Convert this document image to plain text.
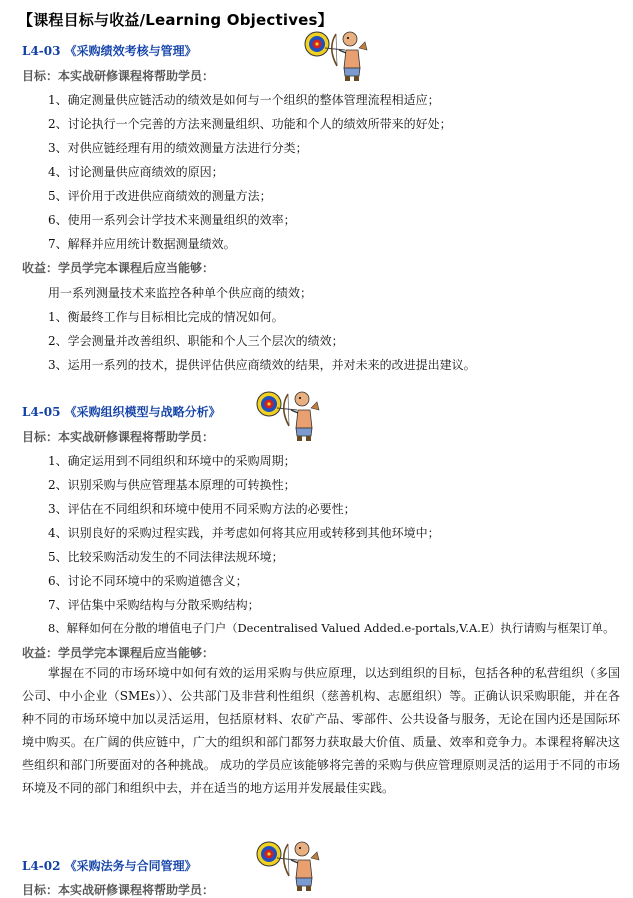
【课程目标与收益/Learning Objectives】
L4-03 《采购绩效考核与管理》
目标：本实战研修课程将帮助学员：
1、确定测量供应链活动的绩效是如何与一个组织的整体管理流程相适应；
2、讨论执行一个完善的方法来测量组织、功能和个人的绩效所带来的好处；
3、对供应链经理有用的绩效测量方法进行分类；
4、讨论测量供应商绩效的原因；
5、评价用于改进供应商绩效的测量方法；
6、使用一系列会计学技术来测量组织的效率；
7、解释并应用统计数据测量绩效。
收益：学员学完本课程后应当能够：
用一系列测量技术来监控各种单个供应商的绩效；
1、衡最终工作与目标相比完成的情况如何。
2、学会测量并改善组织、职能和个人三个层次的绩效；
3、运用一系列的技术，提供评估供应商绩效的结果，并对未来的改进提出建议。
L4-05 《采购组织模型与战略分析》
目标：本实战研修课程将帮助学员：
1、确定运用到不同组织和环境中的采购周期；
2、识别采购与供应管理基本原理的可转换性；
3、评估在不同组织和环境中使用不同采购方法的必要性；
4、识别良好的采购过程实践，并考虑如何将其应用或转移到其他环境中；
5、比较采购活动发生的不同法律法规环境；
6、讨论不同环境中的采购道德含义；
7、评估集中采购结构与分散采购结构；
8、解释如何在分散的增值电子门户（Decentralised Valued Added.e-portals,V.A.E）执行请购与框架订单。
收益：学员学完本课程后应当能够：
掌握在不同的市场环境中如何有效的运用采购与供应原理，以达到组织的目标，包括各种的私营组织（多国公司、中小企业（SMEs））、公共部门及非营利性组织（慈善机构、志愿组织）等。正确认识采购职能，并在各种不同的市场环境中加以灵活运用，包括原材料、农矿产品、零部件、公共设备与服务，无论在国内还是国际环境中购买。在广阔的供应链中，广大的组织和部门都努力获取最大价值、质量、效率和竞争力。本课程将解决这些组织和部门所要面对的各种挑战。 成功的学员应该能够将完善的采购与供应管理原则灵活的运用于不同的市场环境及不同的部门和组织中去，并在适当的地方运用并发展最佳实践。
L4-02 《采购法务与合同管理》
目标：本实战研修课程将帮助学员：
